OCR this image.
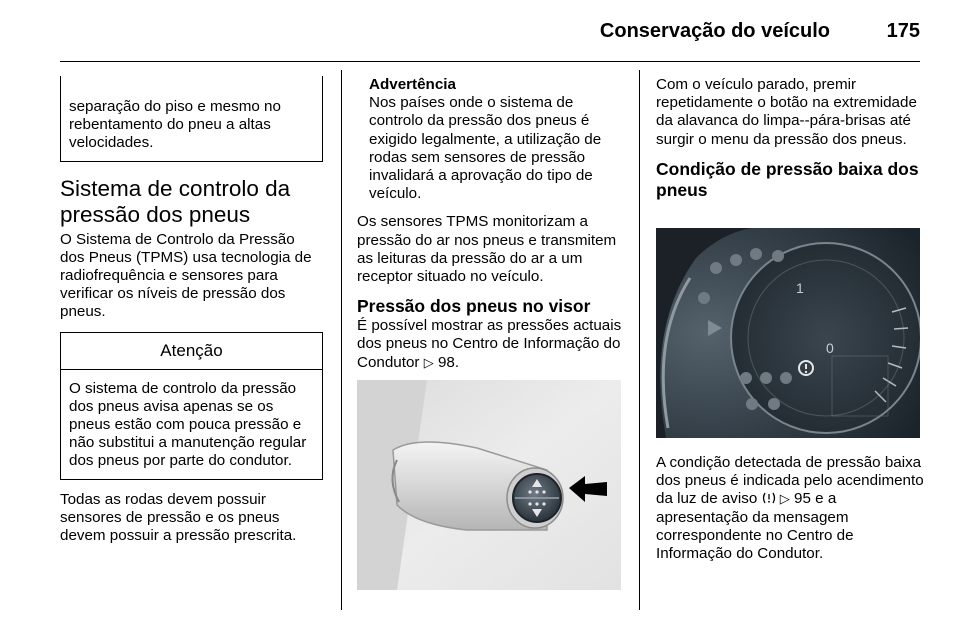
Conservação do veículo	175
separação do piso e mesmo no rebentamento do pneu a altas velocidades.
Sistema de controlo da pressão dos pneus

O Sistema de Controlo da Pressão dos Pneus (TPMS) usa tecnologia de radiofrequência e sensores para verificar os níveis de pressão dos pneus.

Atenção
O sistema de controlo da pressão dos pneus avisa apenas se os pneus estão com pouca pressão e não substitui a manutenção regular dos pneus por parte do condutor.

Todas as rodas devem possuir sensores de pressão e os pneus devem possuir a pressão prescrita.

Advertência
Nos países onde o sistema de controlo da pressão dos pneus é exigido legalmente, a utilização de rodas sem sensores de pressão invalidará a aprovação do tipo de veículo.

Os sensores TPMS monitorizam a pressão do ar nos pneus e transmitem as leituras da pressão do ar a um receptor situado no veículo.

Pressão dos pneus no visor

É possível mostrar as pressões actuais dos pneus no Centro de Informação do Condutor ▷ 98.

Com o veículo parado, premir repetidamente o botão na extremidade da alavanca do limpa--pára-brisas até surgir o menu da pressão dos pneus.

Condição de pressão baixa dos pneus
1
0

A condição detectada de pressão baixa dos pneus é indicada pelo acendimento da luz de aviso ▷ 95 e a apresentação da mensagem correspondente no Centro de Informação do Condutor.
